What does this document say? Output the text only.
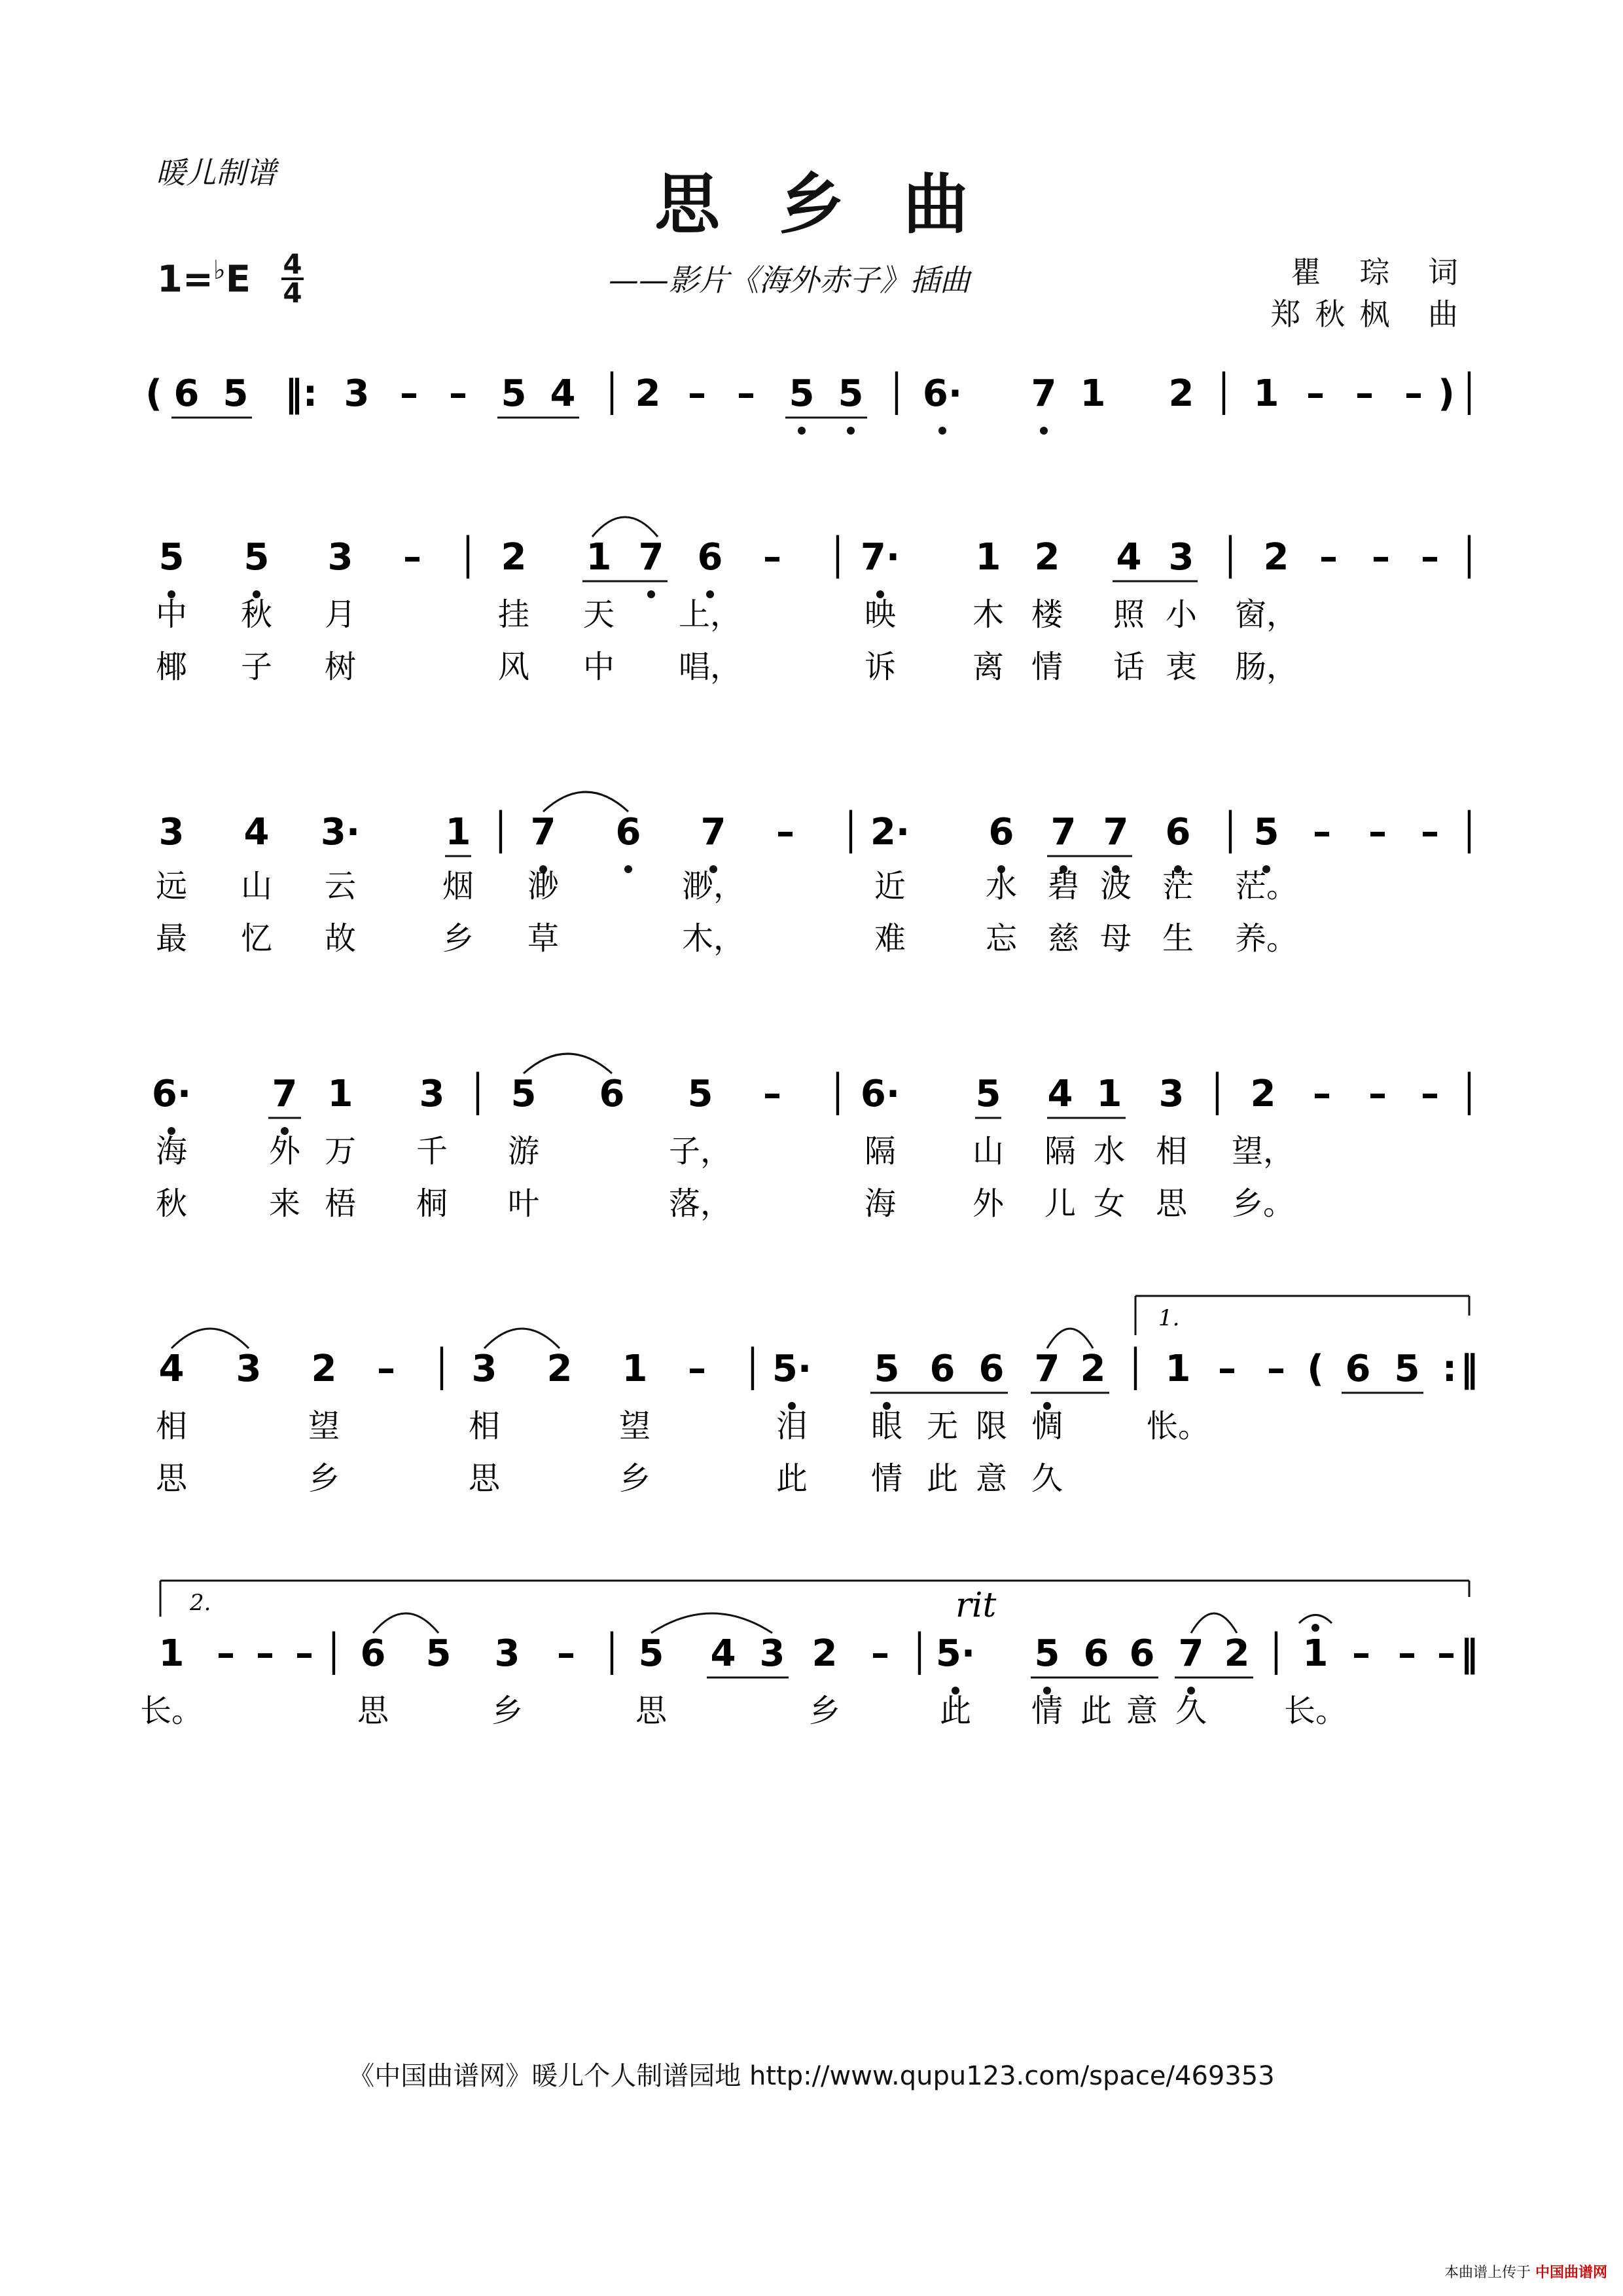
暖儿制谱	思乡曲
——影片《海外赤子》插曲	瞿 琮 词
郑秋枫 曲
1=♭E 4
4
( 6 5 ‖: 3 – – 5 4 │ 2 – – 5 5 │ 6· 7 1 2 │ 1 – – – ) │
5 5 3 – │ 2 1 7 6 – │ 7· 1 2 4 3 │ 2 – – – │
3 4 3· 1 │ 7 6 7 – │ 2· 6 7 7 6 │ 5 – – – │
6· 7 1 3 │ 5 6 5 – │ 6· 5 4 1 3 │ 2 – – – │
4 3 2 – │ 3 2 1 – │ 5· 5 6 6 7 2 │ 1 – – ( 6 5 : ‖
1 – – – │ 6 5 3 – │ 5 4 3 2 – │ 5· 5 6 6 7 2 │ 1 – – – ‖
中 秋 月	挂 天 上，	映 木 楼 照 小 窗，
椰 子 树	风 中 唱，	诉 离 情 话 衷 肠，
远 山 云	烟 渺	渺，	近	水 碧 波 茫 茫。
最 忆 故	乡 草	木，	难	忘 慈 母 生 养。
海	外 万 千 游	子，	隔 山 隔 水 相 望，
秋	来 梧 桐 叶	落，	海 外 儿 女 思 乡。
相	望	相	望	泪 眼 无 限 惆	怅。
思	乡	思	乡	此 情 此 意 久
长。	思	乡	思	乡	此 情 此 意 久 长。
1.
2.	rit
《中国曲谱网》暖儿个人制谱园地 http://www.qupu123.com/space/469353
本曲谱上传于 中国曲谱网
